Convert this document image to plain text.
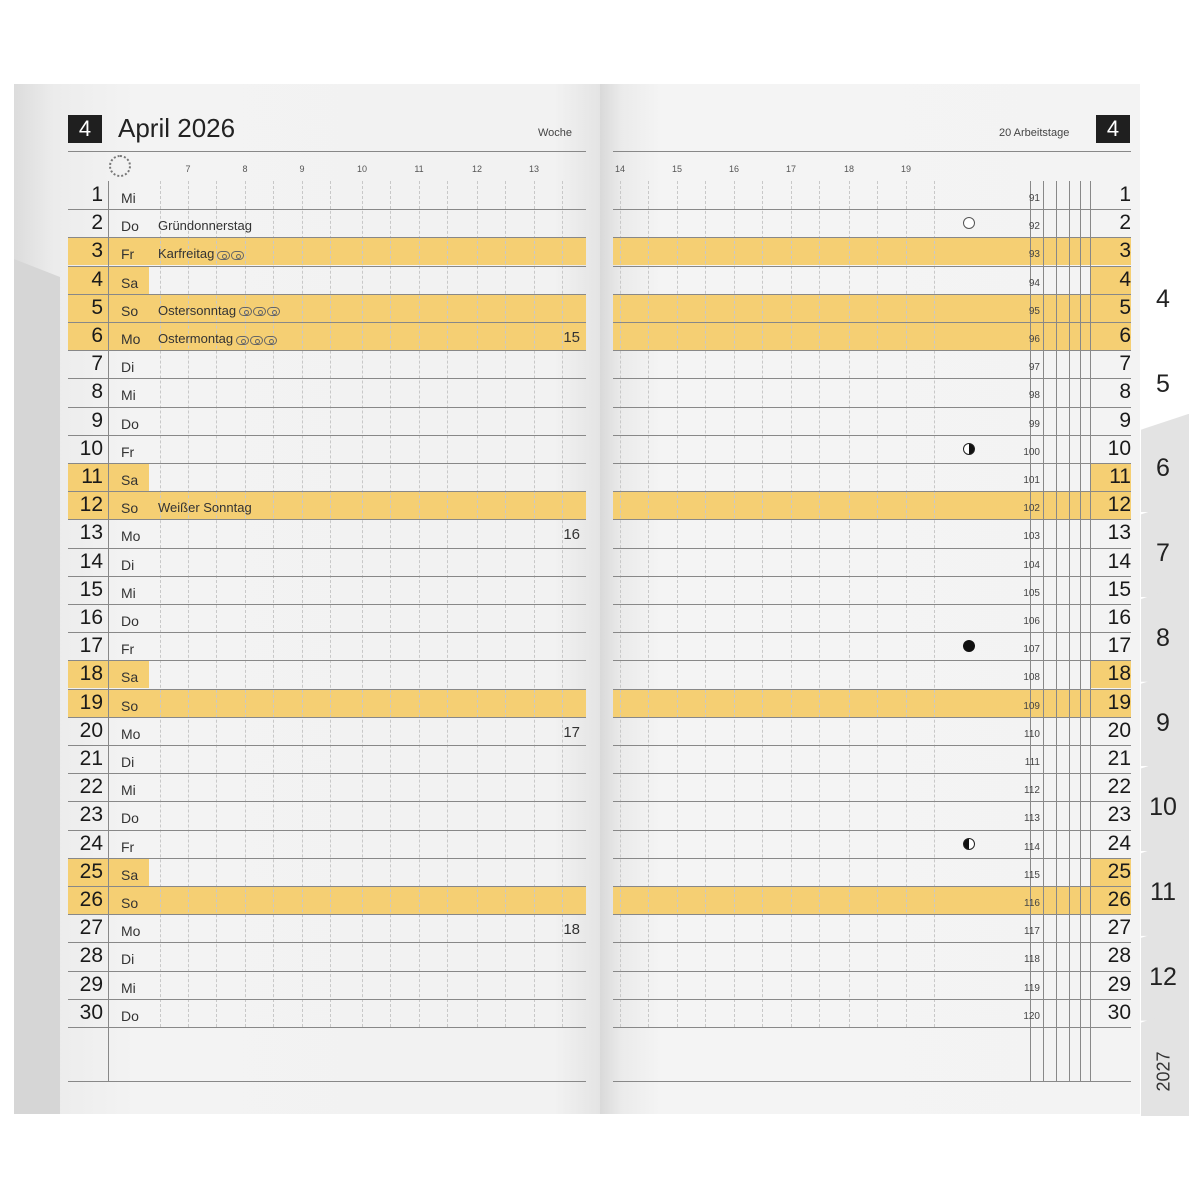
4
5
6
7
8
9
10
11
12
2027
4	April 2026	Woche	20 Arbeitstage	4
7	8	9	10	11	12	13	14	15	16	17	18	19
1 Mi	91	1
2 Do	Gründonnerstag	92	2
3 Fr	Karfreitag	93	3
4 Sa	94	4
5 So	Ostersonntag	95	5
6 Mo	Ostermontag	15	96	6
7 Di	97	7
8 Mi	98	8
9 Do	99	9
10 Fr	100	10
11 Sa	101	11
12 So	Weißer Sonntag	102	12
13 Mo	16	103	13
14 Di	104	14
15 Mi	105	15
16 Do	106	16
17 Fr	107	17
18 Sa	108	18
19 So	109	19
20 Mo	17	110	20
21 Di	111	21
22 Mi	112	22
23 Do	113	23
24 Fr	114	24
25 Sa	115	25
26 So	116	26
27 Mo	18	117	27
28 Di	118	28
29 Mi	119	29
30 Do	120	30
